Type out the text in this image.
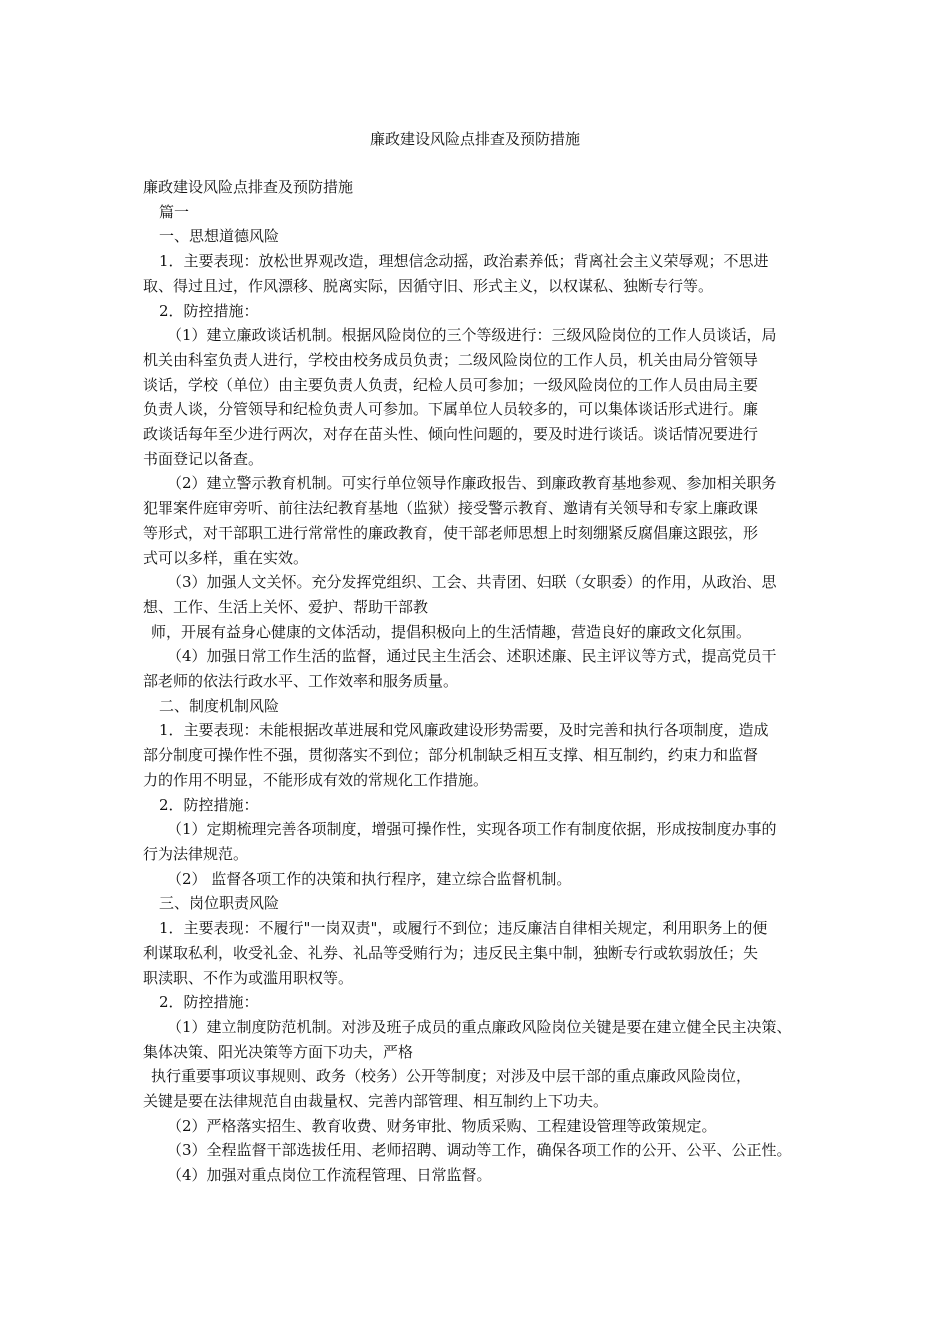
廉政建设风险点排查及预防措施

廉政建设风险点排查及预防措施

篇一

一、思想道德风险

1．主要表现：放松世界观改造，理想信念动摇，政治素养低；背离社会主义荣辱观；不思进

取、得过且过，作风漂移、脱离实际，因循守旧、形式主义，以权谋私、独断专行等。

2．防控措施：

（1）建立廉政谈话机制。根据风险岗位的三个等级进行：三级风险岗位的工作人员谈话，局

机关由科室负责人进行，学校由校务成员负责；二级风险岗位的工作人员，机关由局分管领导

谈话，学校（单位）由主要负责人负责，纪检人员可参加；一级风险岗位的工作人员由局主要

负责人谈，分管领导和纪检负责人可参加。下属单位人员较多的，可以集体谈话形式进行。廉

政谈话每年至少进行两次，对存在苗头性、倾向性问题的，要及时进行谈话。谈话情况要进行

书面登记以备查。

（2）建立警示教育机制。可实行单位领导作廉政报告、到廉政教育基地参观、参加相关职务

犯罪案件庭审旁听、前往法纪教育基地（监狱）接受警示教育、邀请有关领导和专家上廉政课

等形式，对干部职工进行常常性的廉政教育，使干部老师思想上时刻绷紧反腐倡廉这跟弦，形

式可以多样，重在实效。

（3）加强人文关怀。充分发挥党组织、工会、共青团、妇联（女职委）的作用，从政治、思

想、工作、生活上关怀、爱护、帮助干部教

师，开展有益身心健康的文体活动，提倡积极向上的生活情趣，营造良好的廉政文化氛围。

（4）加强日常工作生活的监督，通过民主生活会、述职述廉、民主评议等方式，提高党员干

部老师的依法行政水平、工作效率和服务质量。

二、制度机制风险

1．主要表现：未能根据改革进展和党风廉政建设形势需要，及时完善和执行各项制度，造成

部分制度可操作性不强，贯彻落实不到位；部分机制缺乏相互支撑、相互制约，约束力和监督

力的作用不明显，不能形成有效的常规化工作措施。

2．防控措施：

（1）定期梳理完善各项制度，增强可操作性，实现各项工作有制度依据，形成按制度办事的

行为法律规范。

（2） 监督各项工作的决策和执行程序，建立综合监督机制。

三、岗位职责风险

1．主要表现：不履行"一岗双责"，或履行不到位；违反廉洁自律相关规定，利用职务上的便

利谋取私利，收受礼金、礼券、礼品等受贿行为；违反民主集中制，独断专行或软弱放任；失

职渎职、不作为或滥用职权等。

2．防控措施：

（1）建立制度防范机制。对涉及班子成员的重点廉政风险岗位关键是要在建立健全民主决策、

集体决策、阳光决策等方面下功夫，严格

执行重要事项议事规则、政务（校务）公开等制度；对涉及中层干部的重点廉政风险岗位，

关键是要在法律规范自由裁量权、完善内部管理、相互制约上下功夫。

（2）严格落实招生、教育收费、财务审批、物质采购、工程建设管理等政策规定。

（3）全程监督干部选拔任用、老师招聘、调动等工作，确保各项工作的公开、公平、公正性。

（4）加强对重点岗位工作流程管理、日常监督。
